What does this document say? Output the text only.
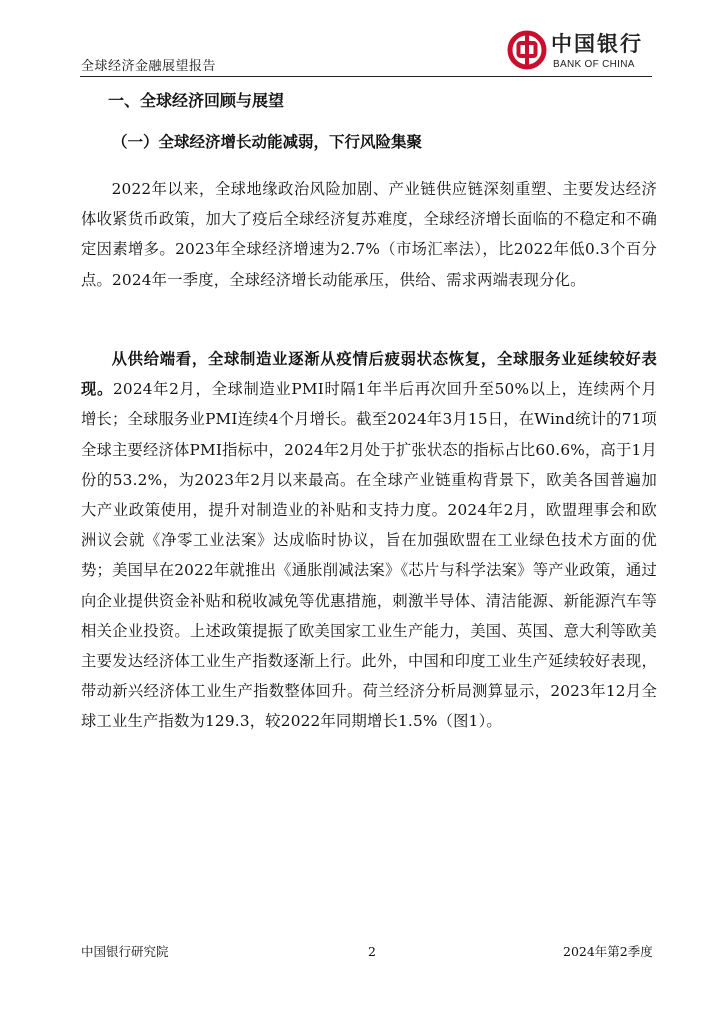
全球经济金融展望报告
中国银行
BANK OF CHINA
一、全球经济回顾与展望
（一）全球经济增长动能减弱，下行风险集聚

2022年以来，全球地缘政治风险加剧、产业链供应链深刻重塑、主要发达经济体收紧货币政策，加大了疫后全球经济复苏难度，全球经济增长面临的不稳定和不确定因素增多。2023年全球经济增速为2.7%（市场汇率法），比2022年低0.3个百分点。2024年一季度，全球经济增长动能承压，供给、需求两端表现分化。

从供给端看，全球制造业逐渐从疫情后疲弱状态恢复，全球服务业延续较好表现。2024年2月，全球制造业PMI时隔1年半后再次回升至50%以上，连续两个月增长；全球服务业PMI连续4个月增长。截至2024年3月15日，在Wind统计的71项全球主要经济体PMI指标中，2024年2月处于扩张状态的指标占比60.6%，高于1月份的53.2%，为2023年2月以来最高。在全球产业链重构背景下，欧美各国普遍加大产业政策使用，提升对制造业的补贴和支持力度。2024年2月，欧盟理事会和欧洲议会就《净零工业法案》达成临时协议，旨在加强欧盟在工业绿色技术方面的优势；美国早在2022年就推出《通胀削减法案》《芯片与科学法案》等产业政策，通过向企业提供资金补贴和税收减免等优惠措施，刺激半导体、清洁能源、新能源汽车等相关企业投资。上述政策提振了欧美国家工业生产能力，美国、英国、意大利等欧美主要发达经济体工业生产指数逐渐上行。此外，中国和印度工业生产延续较好表现，带动新兴经济体工业生产指数整体回升。荷兰经济分析局测算显示，2023年12月全球工业生产指数为129.3，较2022年同期增长1.5%（图1）。

中国银行研究院	2	2024年第2季度
